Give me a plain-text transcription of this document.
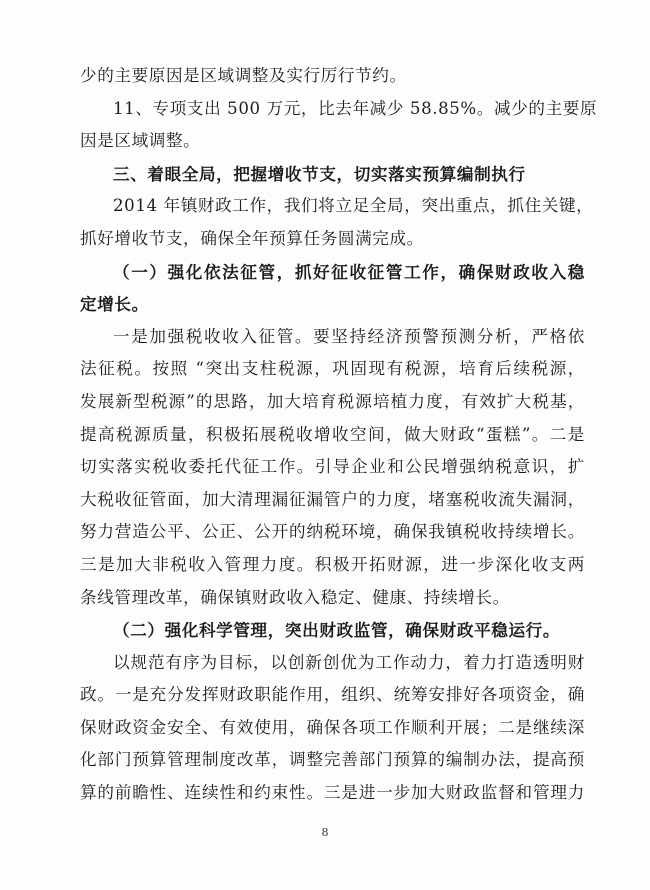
少的主要原因是区域调整及实行厉行节约。
11、专项支出 500 万元，比去年减少 58.85%。减少的主要原
因是区域调整。
三、着眼全局，把握增收节支，切实落实预算编制执行
2014 年镇财政工作，我们将立足全局，突出重点，抓住关键，
抓好增收节支，确保全年预算任务圆满完成。
（一）强化依法征管，抓好征收征管工作，确保财政收入稳
定增长。
一是加强税收收入征管。要坚持经济预警预测分析，严格依
法征税。按照 “突出支柱税源，巩固现有税源，培育后续税源，
发展新型税源”的思路，加大培育税源培植力度，有效扩大税基，
提高税源质量，积极拓展税收增收空间，做大财政“蛋糕”。二是
切实落实税收委托代征工作。引导企业和公民增强纳税意识，扩
大税收征管面，加大清理漏征漏管户的力度，堵塞税收流失漏洞，
努力营造公平、公正、公开的纳税环境，确保我镇税收持续增长。
三是加大非税收入管理力度。积极开拓财源，进一步深化收支两
条线管理改革，确保镇财政收入稳定、健康、持续增长。
（二）强化科学管理，突出财政监管，确保财政平稳运行。
以规范有序为目标，以创新创优为工作动力，着力打造透明财
政。一是充分发挥财政职能作用，组织、统筹安排好各项资金，确
保财政资金安全、有效使用，确保各项工作顺利开展；二是继续深
化部门预算管理制度改革，调整完善部门预算的编制办法，提高预
算的前瞻性、连续性和约束性。三是进一步加大财政监督和管理力
8
